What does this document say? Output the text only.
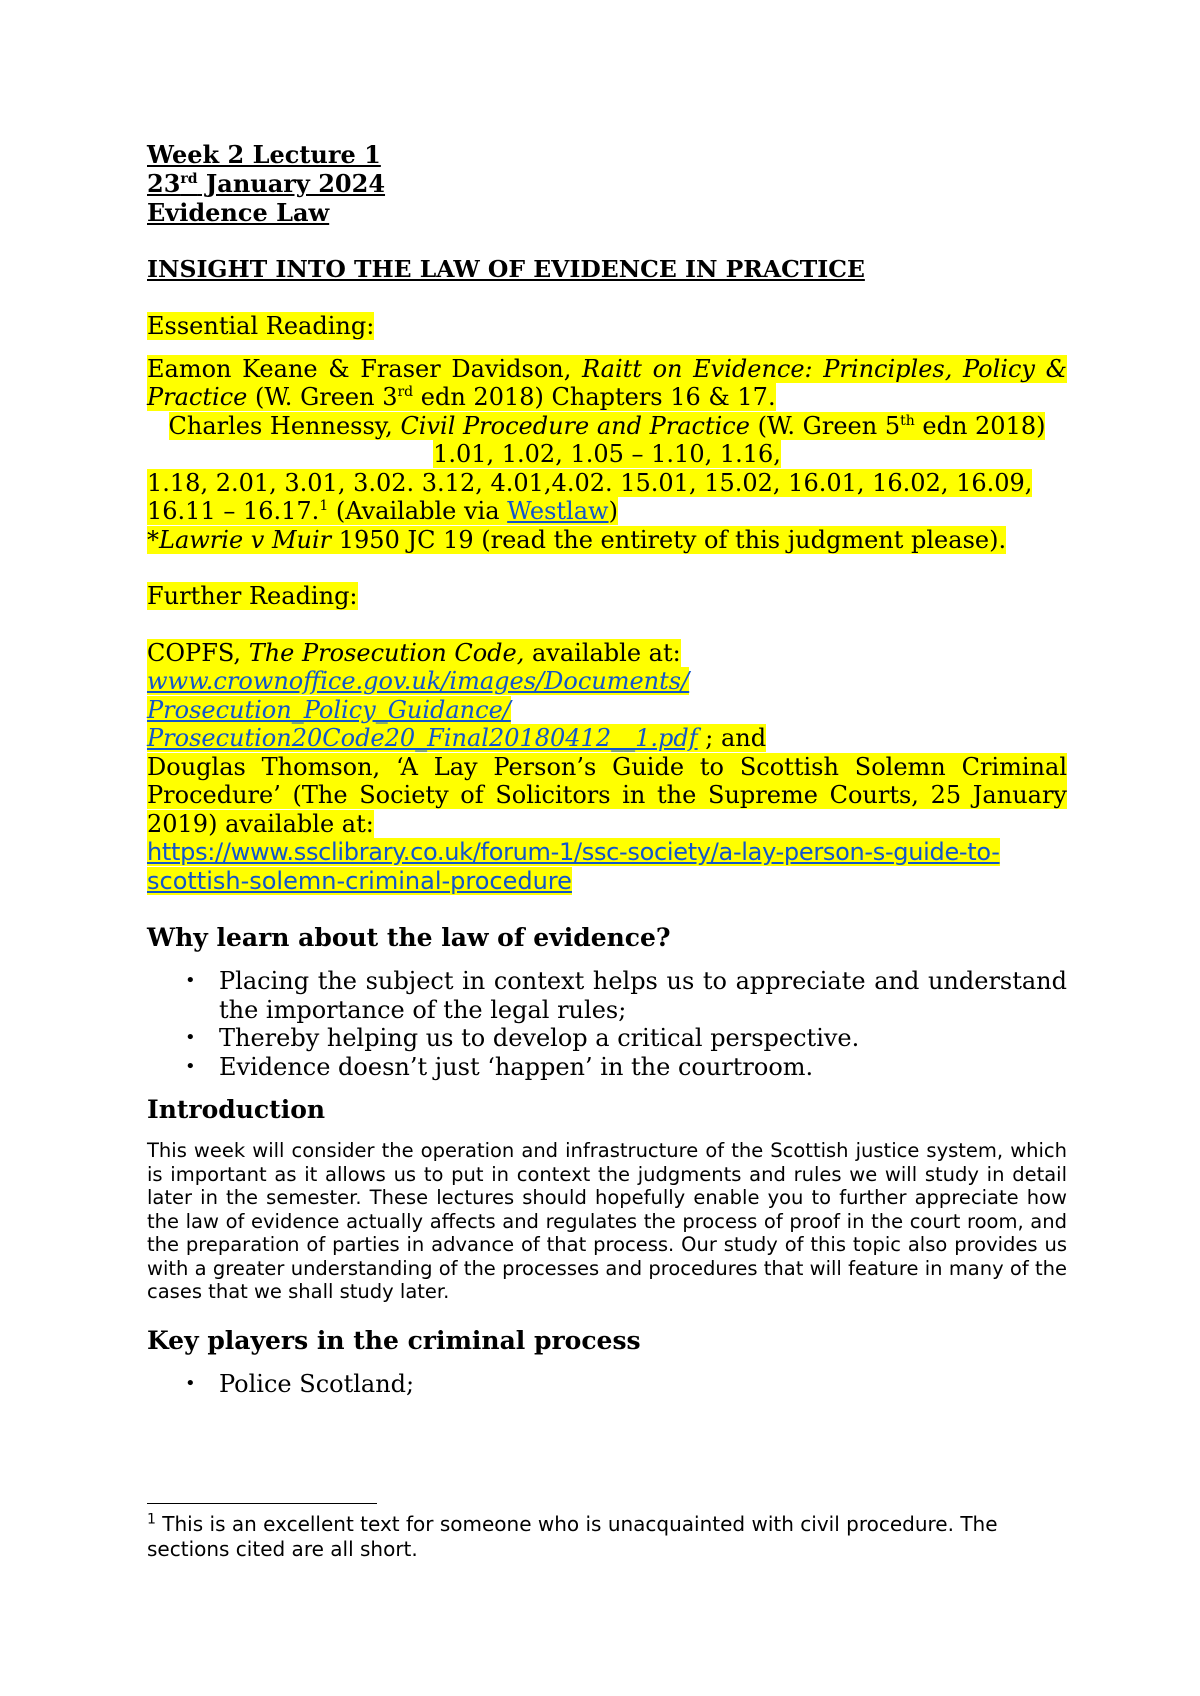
Week 2 Lecture 1
23rd January 2024
Evidence Law
INSIGHT INTO THE LAW OF EVIDENCE IN PRACTICE

Essential Reading:

Eamon Keane & Fraser Davidson, Raitt on Evidence: Principles, Policy & Practice (W. Green 3rd edn 2018) Chapters 16 & 17.

Charles Hennessy, Civil Procedure and Practice (W. Green 5th edn 2018)

1.01, 1.02, 1.05 – 1.10, 1.16,

1.18, 2.01, 3.01, 3.02. 3.12, 4.01,4.02. 15.01, 15.02, 16.01, 16.02, 16.09,

16.11 – 16.17.$^1$ (Available via Westlaw)

*Lawrie v Muir 1950 JC 19 (read the entirety of this judgment please).

Further Reading:

COPFS, The Prosecution Code, available at:

www.crownoffice.gov.uk/images/Documents/

Prosecution_Policy_Guidance/

Prosecution20Code20_Final20180412__1.pdf ; and

Douglas Thomson, ‘A Lay Person’s Guide to Scottish Solemn Criminal Procedure’ (The Society of Solicitors in the Supreme Courts, 25 January 2019) available at:

https://www.ssclibrary.co.uk/forum-1/ssc-society/a-lay-person-s-guide-to-

scottish-solemn-criminal-procedure

Why learn about the law of evidence?
• Placing the subject in context helps us to appreciate and understand the importance of the legal rules;
• Thereby helping us to develop a critical perspective.
• Evidence doesn’t just ‘happen’ in the courtroom.
Introduction

This week will consider the operation and infrastructure of the Scottish justice system, which is important as it allows us to put in context the judgments and rules we will study in detail later in the semester. These lectures should hopefully enable you to further appreciate how the law of evidence actually affects and regulates the process of proof in the court room, and the preparation of parties in advance of that process. Our study of this topic also provides us with a greater understanding of the processes and procedures that will feature in many of the cases that we shall study later.

Key players in the criminal process
• Police Scotland;
$^1$ This is an excellent text for someone who is unacquainted with civil procedure. The sections cited are all short.
